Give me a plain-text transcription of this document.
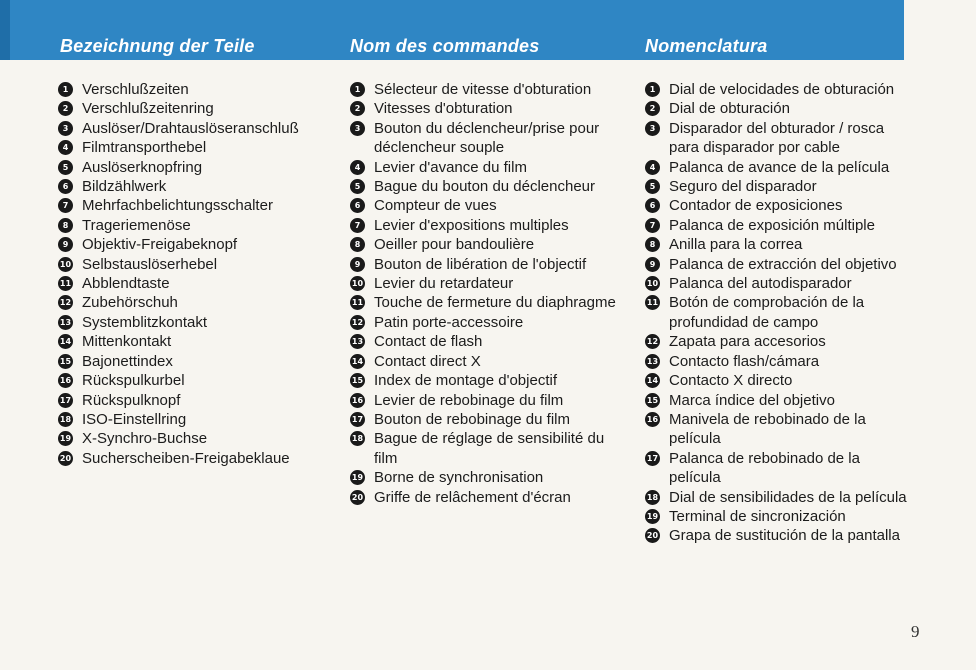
Bezeichnung der Teile	Nom des commandes	Nomenclatura
1 Verschlußzeiten
2 Verschlußzeitenring
3 Auslöser/Drahtauslöseranschluß
4 Filmtransporthebel
5 Auslöserknopfring
6 Bildzählwerk
7 Mehrfachbelichtungsschalter
8 Trageriemenöse
9 Objektiv-Freigabeknopf
10 Selbstauslöserhebel
11 Abblendtaste
12 Zubehörschuh
13 Systemblitzkontakt
14 Mittenkontakt
15 Bajonettindex
16 Rückspulkurbel
17 Rückspulknopf
18 ISO-Einstellring
19 X-Synchro-Buchse
20 Sucherscheiben-Freigabeklaue
1 Sélecteur de vitesse d'obturation
2 Vitesses d'obturation
3 Bouton du déclencheur/prise pour déclencheur souple
4 Levier d'avance du film
5 Bague du bouton du déclencheur
6 Compteur de vues
7 Levier d'expositions multiples
8 Oeiller pour bandoulière
9 Bouton de libération de l'objectif
10 Levier du retardateur
11 Touche de fermeture du diaphragme
12 Patin porte-accessoire
13 Contact de flash
14 Contact direct X
15 Index de montage d'objectif
16 Levier de rebobinage du film
17 Bouton de rebobinage du film
18 Bague de réglage de sensibilité du film
19 Borne de synchronisation
20 Griffe de relâchement d'écran
1 Dial de velocidades de obturación
2 Dial de obturación
3 Disparador del obturador / rosca para disparador por cable
4 Palanca de avance de la película
5 Seguro del disparador
6 Contador de exposiciones
7 Palanca de exposición múltiple
8 Anilla para la correa
9 Palanca de extracción del objetivo
10 Palanca del autodisparador
11 Botón de comprobación de la profundidad de campo
12 Zapata para accesorios
13 Contacto flash/cámara
14 Contacto X directo
15 Marca índice del objetivo
16 Manivela de rebobinado de la película
17 Palanca de rebobinado de la película
18 Dial de sensibilidades de la película
19 Terminal de sincronización
20 Grapa de sustitución de la pantalla
9
